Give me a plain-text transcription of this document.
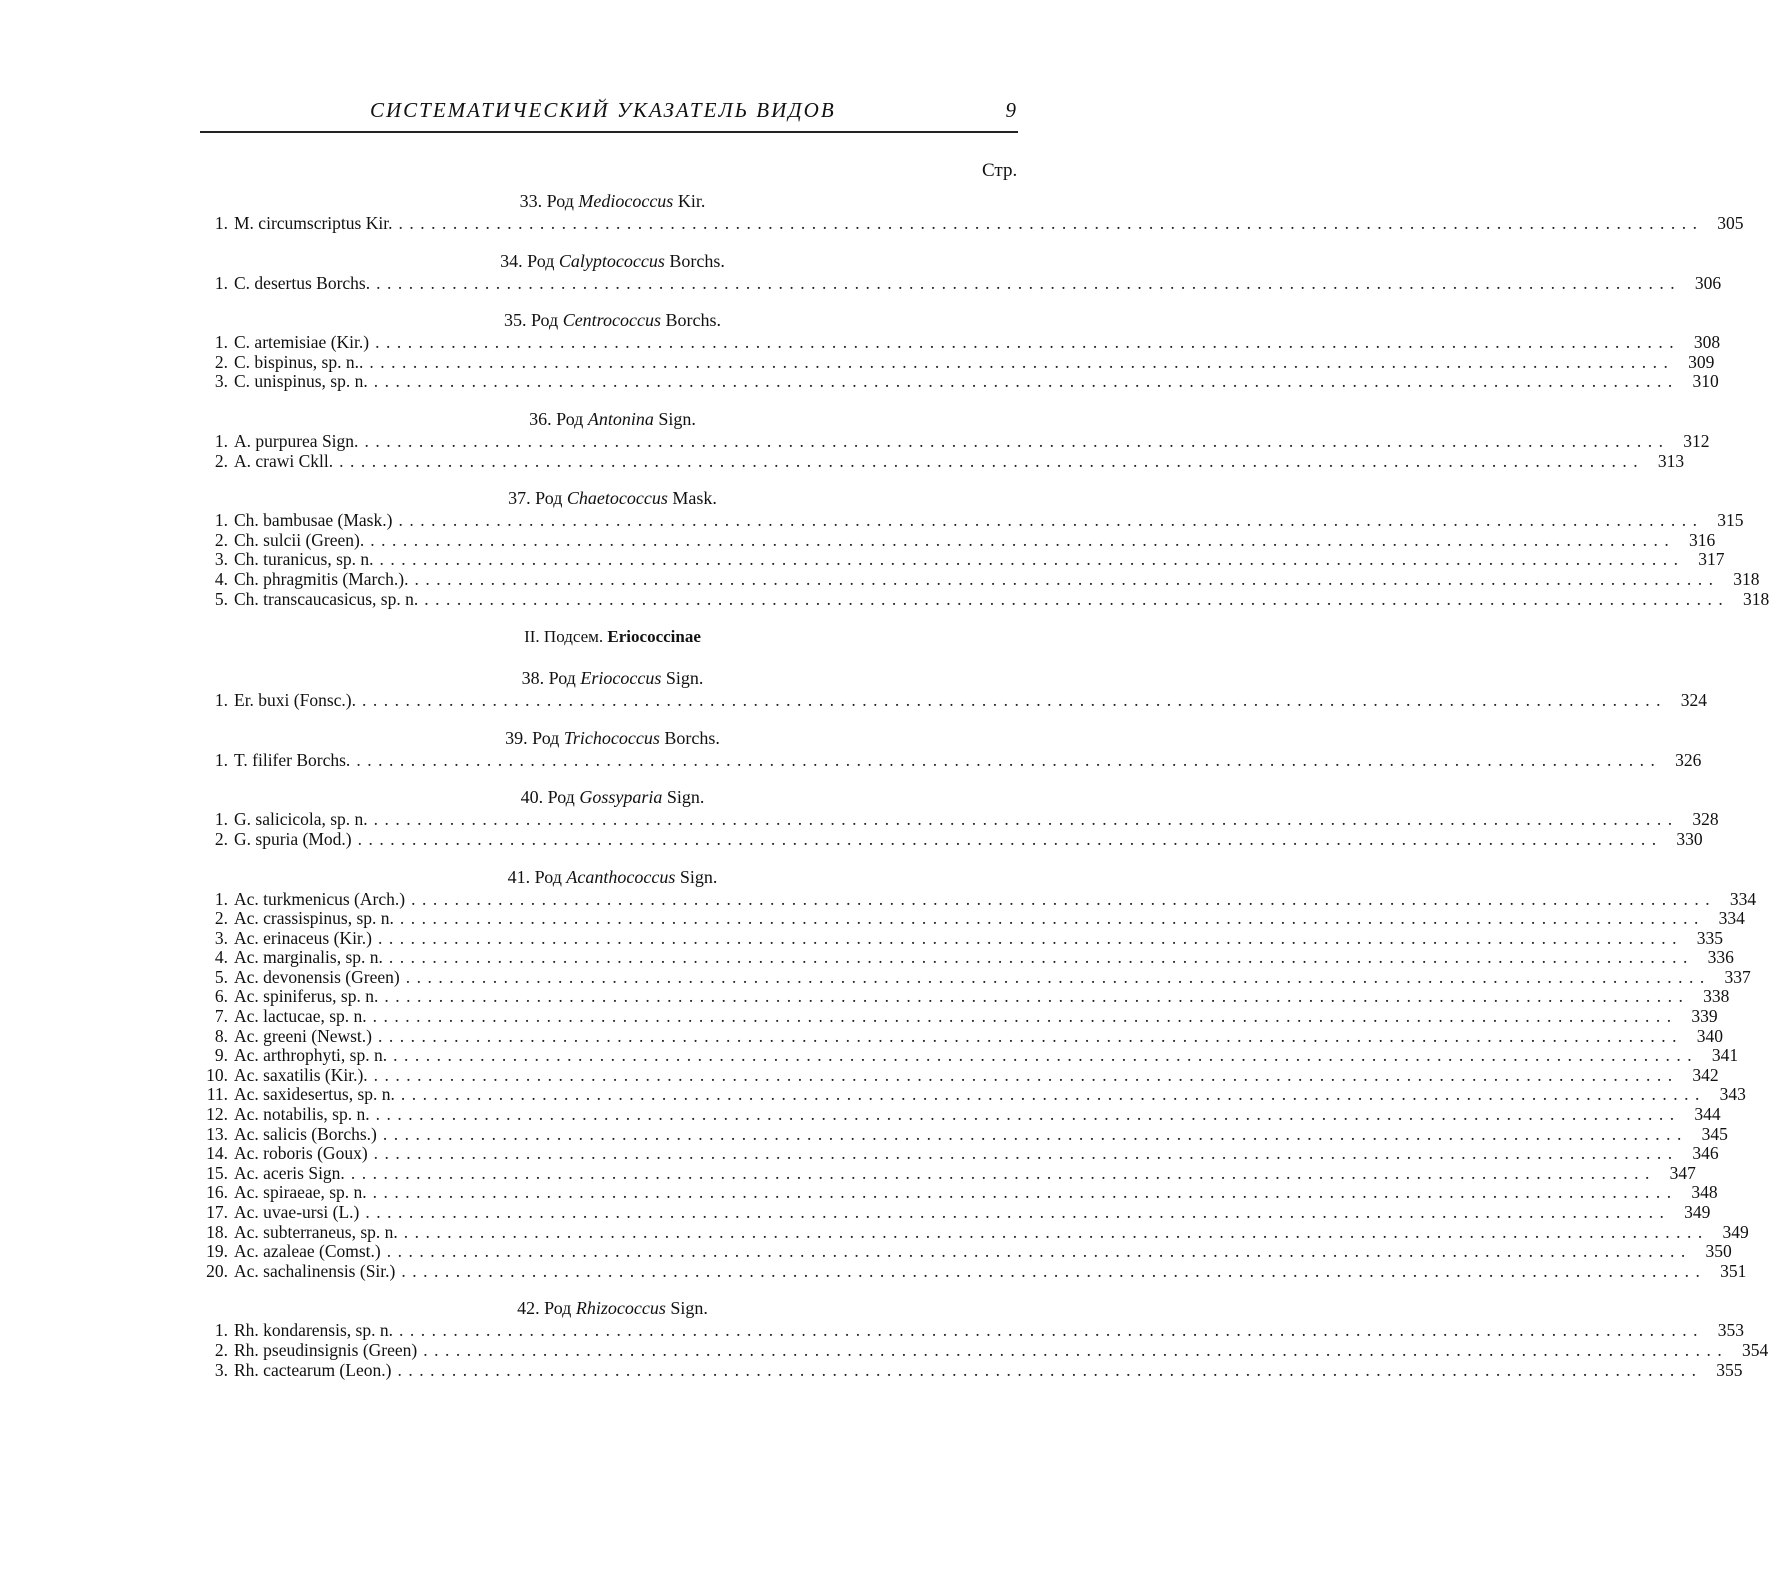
СИСТЕМАТИЧЕСКИЙ УКАЗАТЕЛЬ ВИДОВ	9
Стр.
33. Род Mediococcus Kir.
1. M. circumscriptus Kir. ........................................................................................................................ 305
34. Род Calyptococcus Borchs.
1. C. desertus Borchs. ........................................................................................................................ 306
35. Род Centrococcus Borchs.
1. C. artemisiae (Kir.) ........................................................................................................................ 308
2. C. bispinus, sp. n.. ........................................................................................................................ 309
3. C. unispinus, sp. n. ........................................................................................................................ 310
36. Род Antonina Sign.
1. A. purpurea Sign. ........................................................................................................................ 312
2. A. crawi Ckll. ........................................................................................................................ 313
37. Род Chaetococcus Mask.
1. Ch. bambusae (Mask.) ........................................................................................................................ 315
2. Ch. sulcii (Green). ........................................................................................................................ 316
3. Ch. turanicus, sp. n. ........................................................................................................................ 317
4. Ch. phragmitis (March.). ........................................................................................................................ 318
5. Ch. transcaucasicus, sp. n. ........................................................................................................................ 318
II. Подсем. Eriococcinae
38. Род Eriococcus Sign.
1. Er. buxi (Fonsc.). ........................................................................................................................ 324
39. Род Trichococcus Borchs.
1. T. filifer Borchs. ........................................................................................................................ 326
40. Род Gossyparia Sign.
1. G. salicicola, sp. n. ........................................................................................................................ 328
2. G. spuria (Mod.) ........................................................................................................................ 330
41. Род Acanthococcus Sign.
1. Ac. turkmenicus (Arch.) ........................................................................................................................ 334
2. Ac. crassispinus, sp. n. ........................................................................................................................ 334
3. Ac. erinaceus (Kir.) ........................................................................................................................ 335
4. Ac. marginalis, sp. n. ........................................................................................................................ 336
5. Ac. devonensis (Green) ........................................................................................................................ 337
6. Ac. spiniferus, sp. n. ........................................................................................................................ 338
7. Ac. lactucae, sp. n. ........................................................................................................................ 339
8. Ac. greeni (Newst.) ........................................................................................................................ 340
9. Ac. arthrophyti, sp. n. ........................................................................................................................ 341
10. Ac. saxatilis (Kir.). ........................................................................................................................ 342
11. Ac. saxidesertus, sp. n. ........................................................................................................................ 343
12. Ac. notabilis, sp. n. ........................................................................................................................ 344
13. Ac. salicis (Borchs.) ........................................................................................................................ 345
14. Ac. roboris (Goux) ........................................................................................................................ 346
15. Ac. aceris Sign. ........................................................................................................................ 347
16. Ac. spiraeae, sp. n. ........................................................................................................................ 348
17. Ac. uvae-ursi (L.) ........................................................................................................................ 349
18. Ac. subterraneus, sp. n. ........................................................................................................................ 349
19. Ac. azaleae (Comst.) ........................................................................................................................ 350
20. Ac. sachalinensis (Sir.) ........................................................................................................................ 351
42. Род Rhizococcus Sign.
1. Rh. kondarensis, sp. n. ........................................................................................................................ 353
2. Rh. pseudinsignis (Green) ........................................................................................................................ 354
3. Rh. cactearum (Leon.) ........................................................................................................................ 355
